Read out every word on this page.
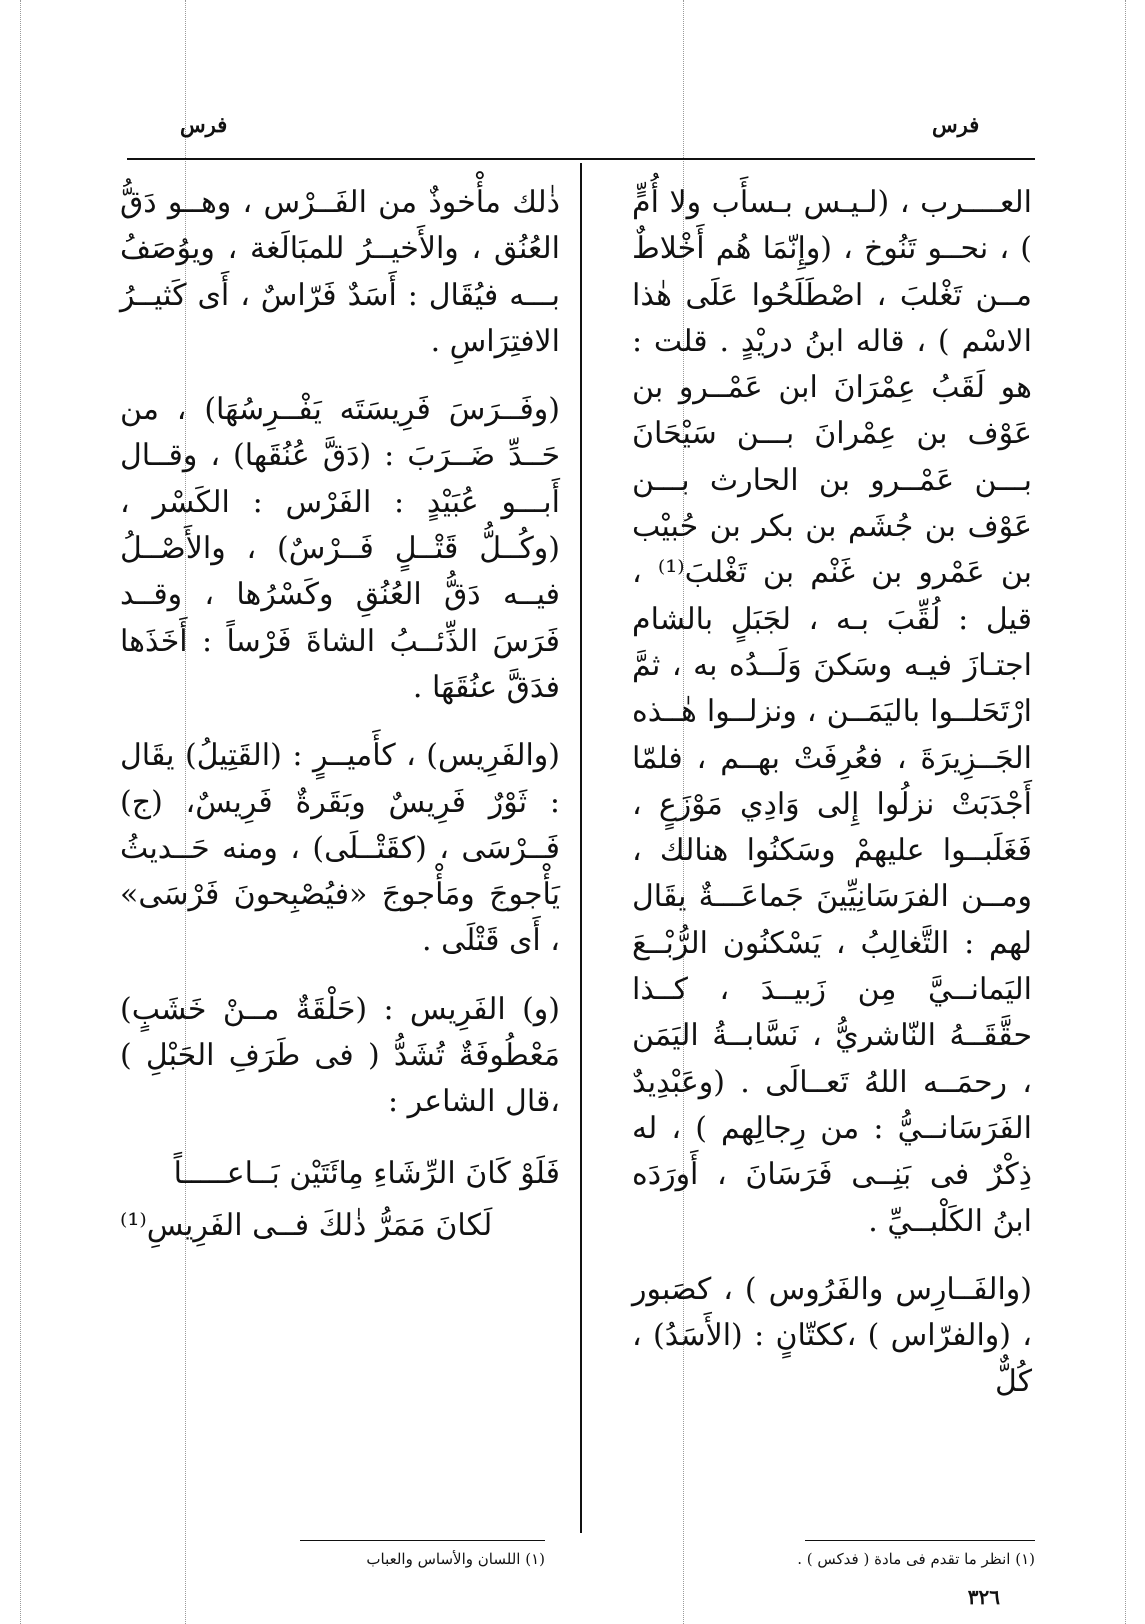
فرس	فرس

العــــرب ، (لـيـس بـسأَب ولا أُمٍّ ) ، نحــو تَنُوخ ، (وإِنّمَا هُم أَخْلاطٌ مــن تَغْلبَ ، اصْطَلَحُوا عَلَى هٰذا الاسْم ) ، قاله ابنُ دريْدٍ . قلت : هو لَقَبُ عِمْرَانَ ابن عَمْــرو بن عَوْف بن عِمْرانَ بـــن سَيْحَانَ بـــن عَمْــرو بن الحارث بـــن عَوْف بن جُشَم بن بكر بن حُبيْب بن عَمْرو بن غَنْم بن تَغْلبَ⁽¹⁾ ، قيل : لُقِّبَ بـه ، لجَبَلٍ بالشام اجتـازَ فيـه وسَكنَ وَلَــدُه به ، ثمَّ ارْتَحَلــوا باليَمَــن ، ونزلــوا هٰــذه الجَــزِيرَةَ ، فعُرِفَتْ بهــم ، فلمّا أَجْدَبَتْ نزلُوا إِلى وَادِي مَوْزَعٍ ، فَغَلَبــوا عليهمْ وسَكنُوا هنالك ، ومــن الفرَسَانِيِّينَ جَماعَـــةٌ يقَال لهم : التَّغالِبُ ، يَسْكنُون الرُّبْــعَ اليَمانــيَّ مِن زَبيــدَ ، كــذا حقَّقَــهُ النّاشريُّ ، نَسَّابــةُ اليَمَن ، رحمَــه اللهُ تَعــالَى . (وعَبْدِيدٌ الفَرَسَانــيُّ : من رِجالِهم ) ، له ذِكْرٌ فى بَنِــى فَرَسَانَ ، أَورَدَه ابنُ الكَلْبــيِّ .

(والفَــارِس والفَرُوس ) ، كصَبور ، (والفرّاس ) ،ككتّانٍ : (الأَسَدُ) ، كُلٌّ

ذٰلك مأْخوذٌ من الفَــرْس ، وهــو دَقُّ العُنُق ، والأَخيــرُ للمبَالَغة ، ويوُصَفُ بـــه فيُقَال : أَسَدٌ فَرّاسٌ ، أَى كَثيــرُ الافتِرَاسِ .

(وفَــرَسَ فَرِيسَتَه يَفْــرِسُهَا) ، من حَــدِّ ضَــرَبَ : (دَقَّ عُنُقَها) ، وقــال أَبـــو عُبَيْدٍ : الفَرْس : الكَسْر ، (وكُــلُّ قَتْــلٍ فَــرْسٌ) ، والأَصْــلُ فيــه دَقُّ العُنُقِ وكَسْرُها ، وقــد فَرَسَ الذِّئــبُ الشاةَ فَرْساً : أَخَذَها فدَقَّ عنُقَهَا .

(والفَرِيس) ، كأَميــرٍ : (القَتِيلُ) يقَال : ثَوْرٌ فَرِيسٌ وبَقَرةٌ فَرِيسٌ، (ج) فَــرْسَى ، (كقَتْــلَى) ، ومنه حَــديثُ يَأْجوجَ ومَأْجوجَ «فيُصْبِحونَ فَرْسَى» ، أَى قَتْلَى .

(و) الفَرِيس : (حَلْقَةٌ مــنْ خَشَبٍ) مَعْطُوفَةٌ تُشَدُّ ( فى طَرَفِ الحَبْلِ ) ،قال الشاعر :

فَلَوْ كَانَ الرِّشَاءِ مِائَتَيْن بَــاعـــــاً
لَكانَ مَمَرُّ ذٰلكَ فــى الفَرِيسِ⁽¹⁾
(١) اللسان والأساس والعباب	(١) انظر ما تقدم فى مادة ( فدكس ) .
٣٢٦
